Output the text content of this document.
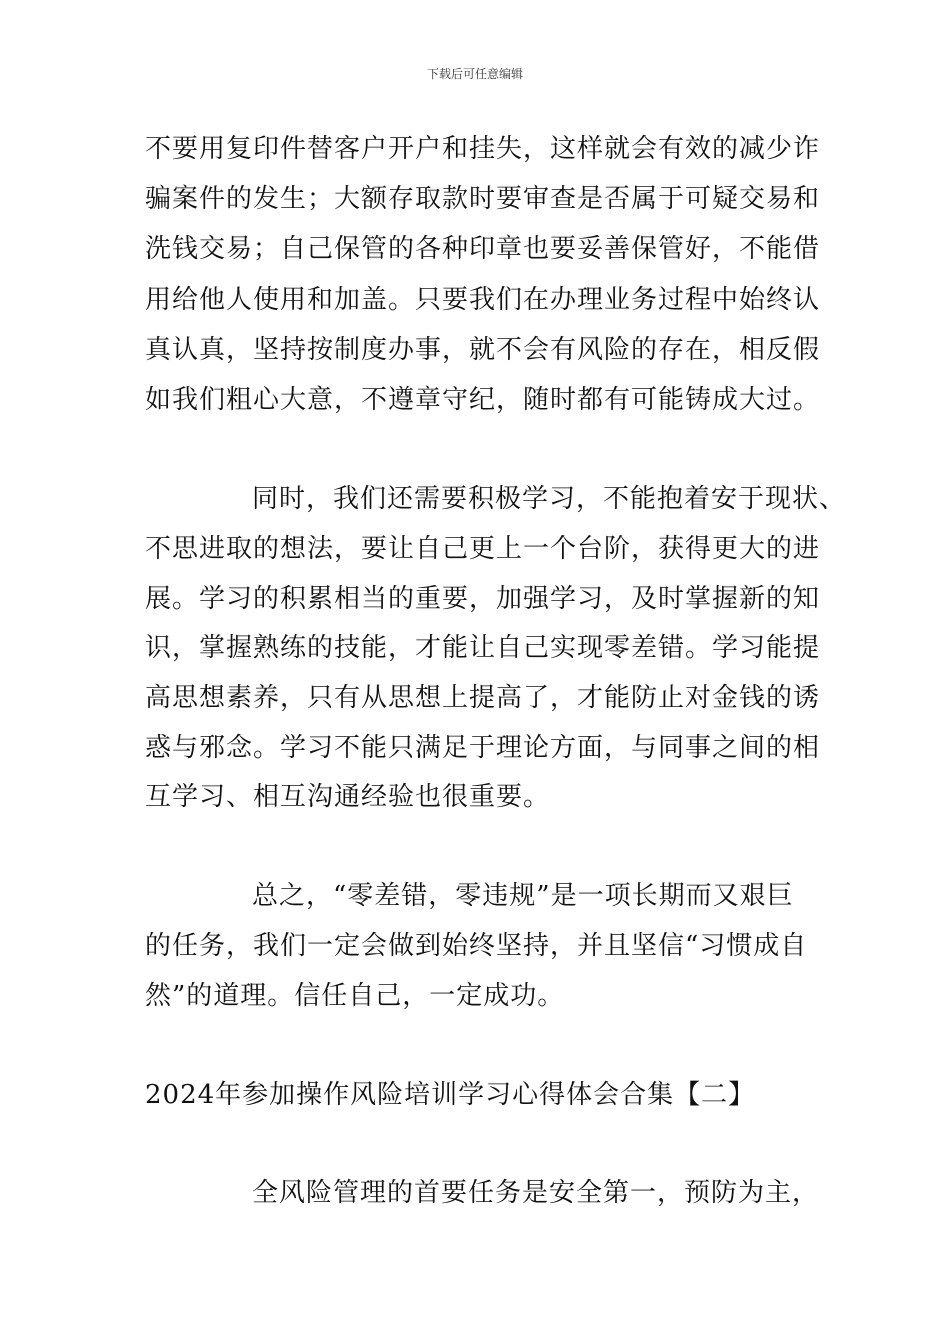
下载后可任意编辑
不要用复印件替客户开户和挂失，这样就会有效的减少诈
骗案件的发生；大额存取款时要审查是否属于可疑交易和
洗钱交易；自己保管的各种印章也要妥善保管好，不能借
用给他人使用和加盖。只要我们在办理业务过程中始终认
真认真，坚持按制度办事，就不会有风险的存在，相反假
如我们粗心大意，不遵章守纪，随时都有可能铸成大过。
同时，我们还需要积极学习，不能抱着安于现状、
不思进取的想法，要让自己更上一个台阶，获得更大的进
展。学习的积累相当的重要，加强学习，及时掌握新的知
识，掌握熟练的技能，才能让自己实现零差错。学习能提
高思想素养，只有从思想上提高了，才能防止对金钱的诱
惑与邪念。学习不能只满足于理论方面，与同事之间的相
互学习、相互沟通经验也很重要。
总之，“零差错，零违规”是一项长期而又艰巨
的任务，我们一定会做到始终坚持，并且坚信“习惯成自
然”的道理。信任自己，一定成功。
2024年参加操作风险培训学习心得体会合集【二】
全风险管理的首要任务是安全第一，预防为主，
